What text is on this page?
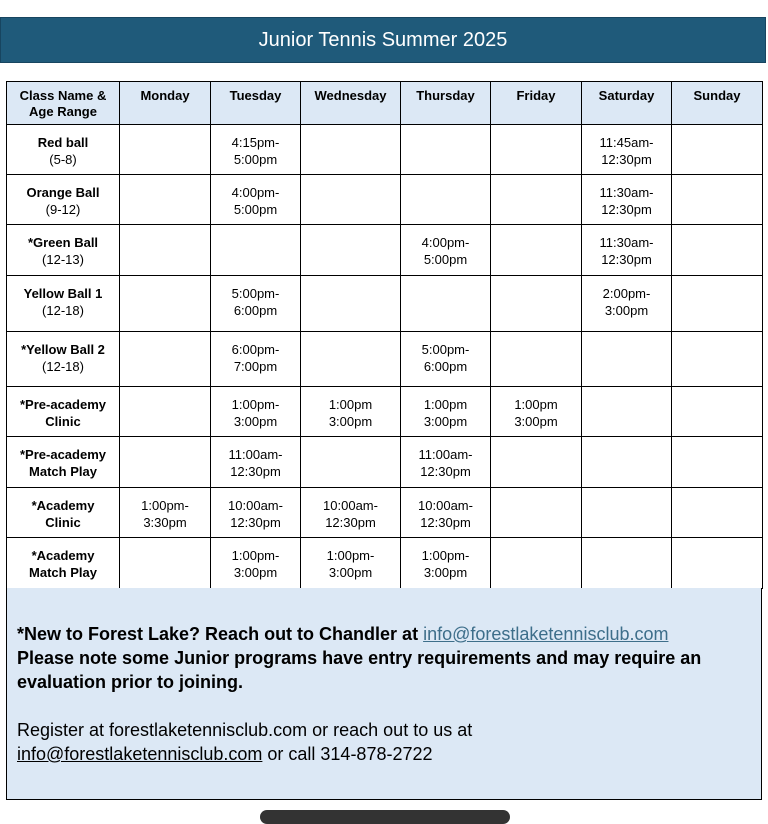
Junior Tennis Summer 2025
Class Name & Age Range	Monday	Tuesday	Wednesday	Thursday	Friday	Saturday	Sunday

Red ball
(5-8)		4:15pm-
5:00pm				11:45am-
12:30pm	

Orange Ball
(9-12)		4:00pm-
5:00pm				11:30am-
12:30pm	

*Green Ball
(12-13)				4:00pm-
5:00pm		11:30am-
12:30pm	

Yellow Ball 1
(12-18)		5:00pm-
6:00pm				2:00pm-
3:00pm	

*Yellow Ball 2
(12-18)		6:00pm-
7:00pm		5:00pm-
6:00pm			

*Pre-academy
Clinic		1:00pm-
3:00pm	1:00pm
3:00pm	1:00pm
3:00pm	1:00pm
3:00pm		

*Pre-academy
Match Play		11:00am-
12:30pm		11:00am-
12:30pm			

*Academy
Clinic	1:00pm-
3:30pm	10:00am-
12:30pm	10:00am-
12:30pm	10:00am-
12:30pm			

*Academy
Match Play		1:00pm-
3:00pm	1:00pm-
3:00pm	1:00pm-
3:00pm			

*New to Forest Lake? Reach out to Chandler at info@forestlaketennisclub.com
Please note some Junior programs have entry requirements and may require an evaluation prior to joining.
Register at forestlaketennisclub.com or reach out to us at
info@forestlaketennisclub.com or call 314-878-2722
